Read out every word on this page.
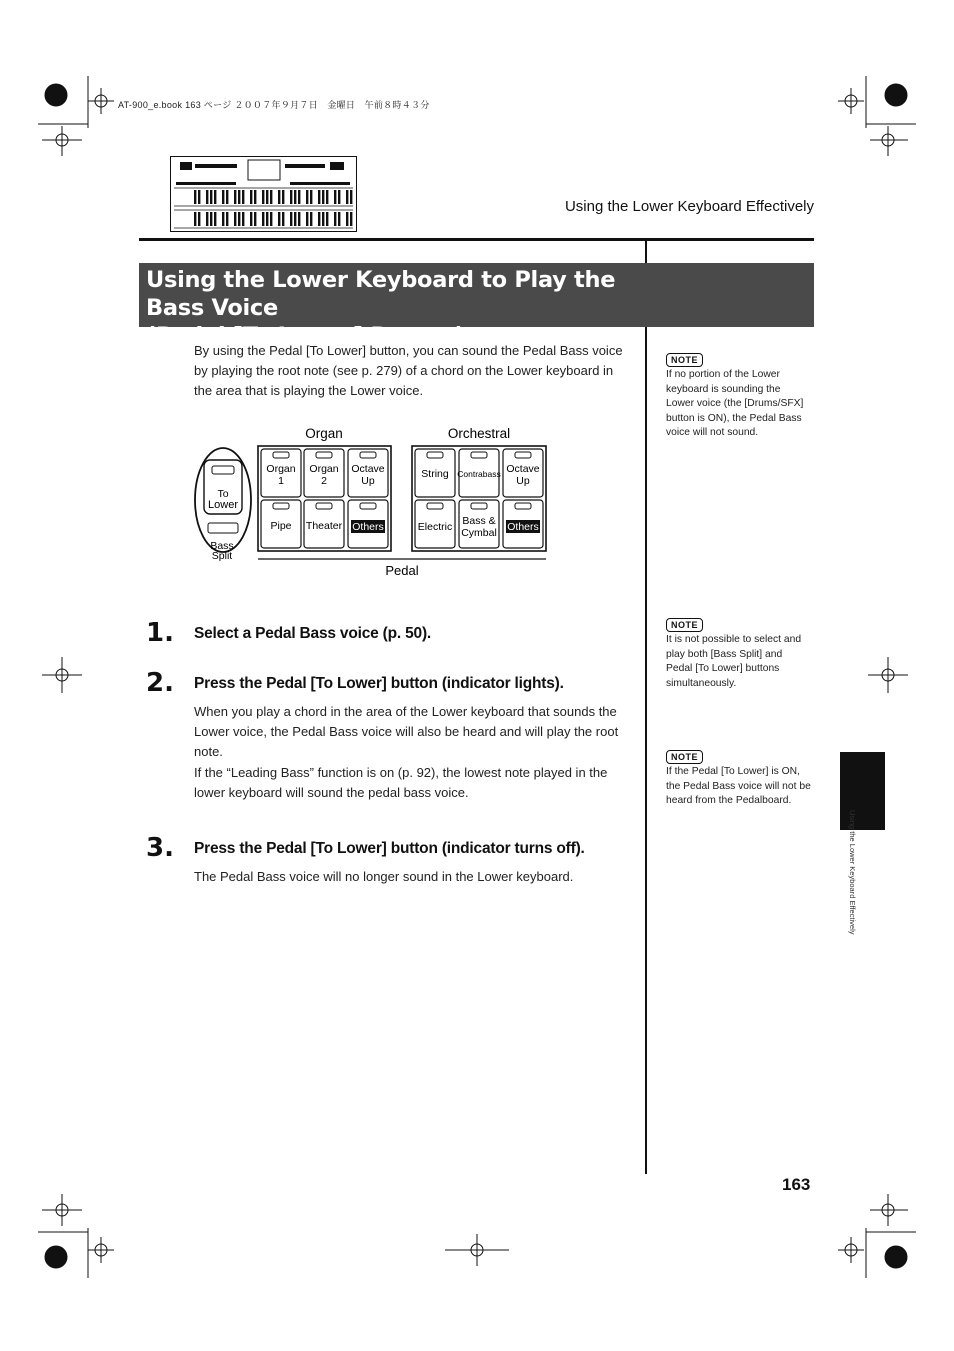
AT-900_e.book 163 ページ ２００７年９月７日　金曜日　午前８時４３分
Using the Lower Keyboard Effectively
Using the Lower Keyboard to Play the Bass Voice
(Pedal [To Lower] Button)
By using the Pedal [To Lower] button, you can sound the Pedal Bass voice by playing the root note (see p. 279) of a chord on the Lower keyboard in the area that is playing the Lower voice.
Organ	Orchestral
To
Lower
Bass
Split
Organ
1
Organ
2
Octave
Up
Pipe Theater Others
String Contrabass Octave
Up
Electric Bass &
Cymbal Others
Pedal
1. Select a Pedal Bass voice (p. 50).
2. Press the Pedal [To Lower] button (indicator lights).
When you play a chord in the area of the Lower keyboard that sounds the Lower voice, the Pedal Bass voice will also be heard and will play the root note.
If the “Leading Bass” function is on (p. 92), the lowest note played in the lower keyboard will sound the pedal bass voice.
3. Press the Pedal [To Lower] button (indicator turns off).
The Pedal Bass voice will no longer sound in the Lower keyboard.
NOTE
If no portion of the Lower keyboard is sounding the Lower voice (the [Drums/SFX] button is ON), the Pedal Bass voice will not sound.
NOTE
It is not possible to select and play both [Bass Split] and Pedal [To Lower] buttons simultaneously.
NOTE
If the Pedal [To Lower] is ON, the Pedal Bass voice will not be heard from the Pedalboard.
Using the Lower Keyboard Effectively
163
